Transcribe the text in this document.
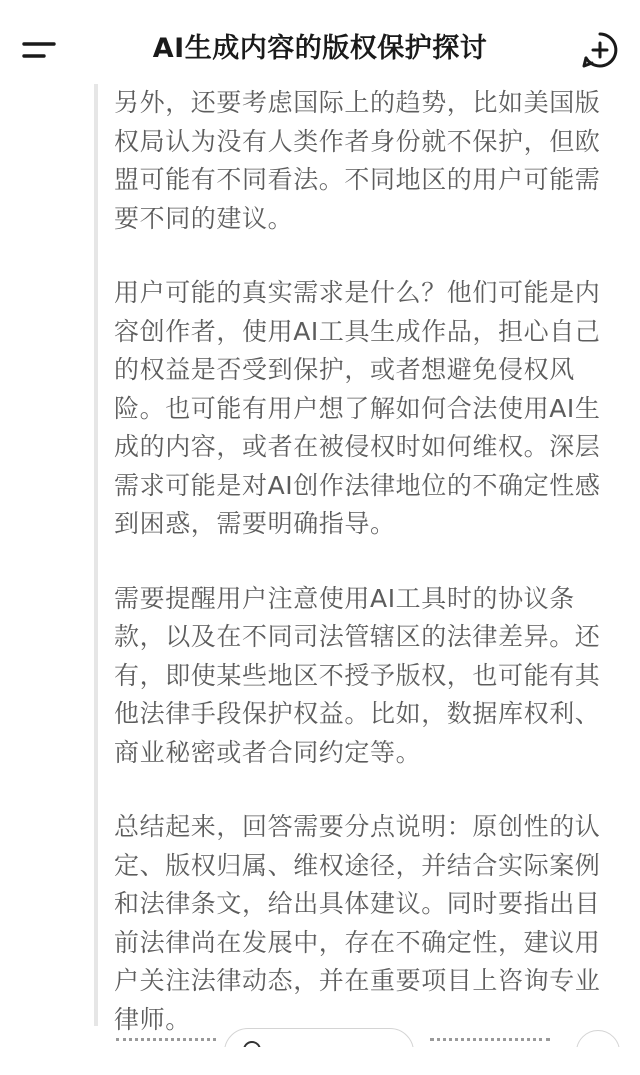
AI生成内容的版权保护探讨

另外，还要考虑国际上的趋势，比如美国版权局认为没有人类作者身份就不保护，但欧盟可能有不同看法。不同地区的用户可能需要不同的建议。

用户可能的真实需求是什么？他们可能是内容创作者，使用AI工具生成作品，担心自己的权益是否受到保护，或者想避免侵权风险。也可能有用户想了解如何合法使用AI生成的内容，或者在被侵权时如何维权。深层需求可能是对AI创作法律地位的不确定性感到困惑，需要明确指导。

需要提醒用户注意使用AI工具时的协议条款，以及在不同司法管辖区的法律差异。还有，即使某些地区不授予版权，也可能有其他法律手段保护权益。比如，数据库权利、商业秘密或者合同约定等。

总结起来，回答需要分点说明：原创性的认定、版权归属、维权途径，并结合实际案例和法律条文，给出具体建议。同时要指出目前法律尚在发展中，存在不确定性，建议用户关注法律动态，并在重要项目上咨询专业律师。
